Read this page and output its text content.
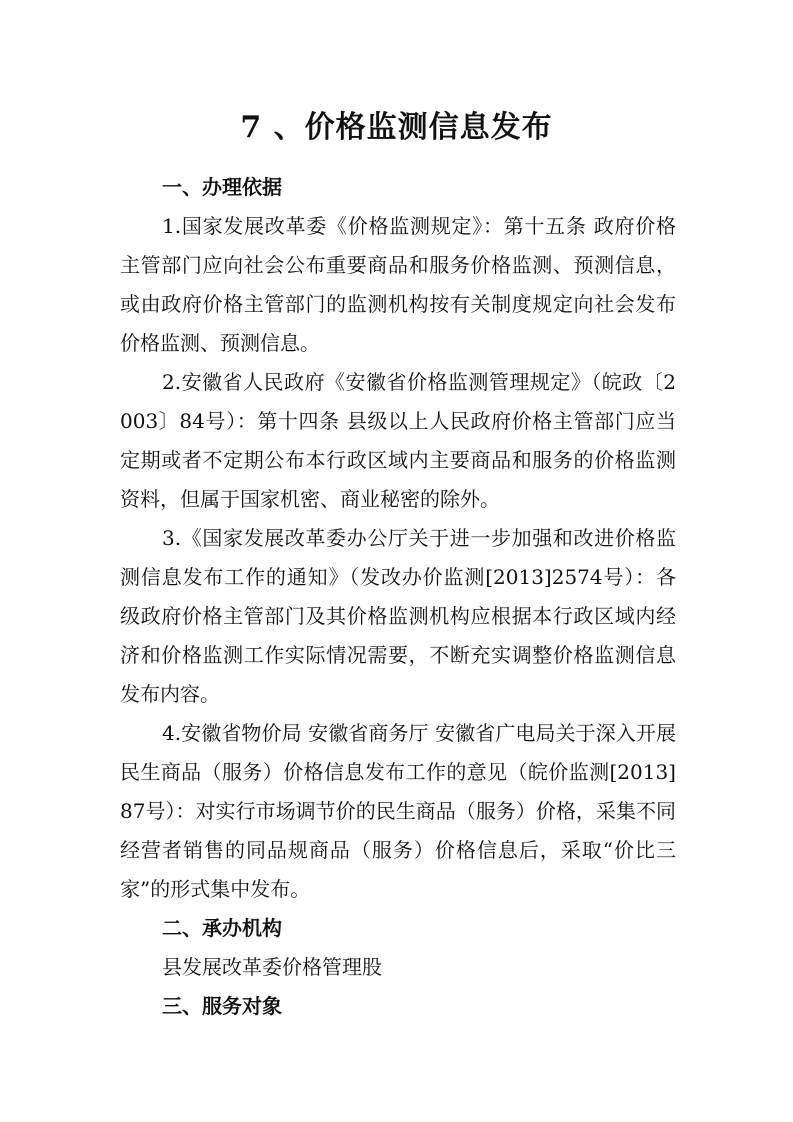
7 、价格监测信息发布
一、办理依据

1.国家发展改革委《价格监测规定》：第十五条 政府价格主管部门应向社会公布重要商品和服务价格监测、预测信息，或由政府价格主管部门的监测机构按有关制度规定向社会发布价格监测、预测信息。

2.安徽省人民政府《安徽省价格监测管理规定》（皖政〔2003〕84号）：第十四条 县级以上人民政府价格主管部门应当定期或者不定期公布本行政区域内主要商品和服务的价格监测资料，但属于国家机密、商业秘密的除外。

3.《国家发展改革委办公厅关于进一步加强和改进价格监测信息发布工作的通知》（发改办价监测[2013]2574号）：各级政府价格主管部门及其价格监测机构应根据本行政区域内经济和价格监测工作实际情况需要，不断充实调整价格监测信息发布内容。

4.安徽省物价局 安徽省商务厅 安徽省广电局关于深入开展民生商品（服务）价格信息发布工作的意见（皖价监测[2013]87号）：对实行市场调节价的民生商品（服务）价格，采集不同经营者销售的同品规商品（服务）价格信息后，采取“价比三家”的形式集中发布。

二、承办机构

县发展改革委价格管理股

三、服务对象
